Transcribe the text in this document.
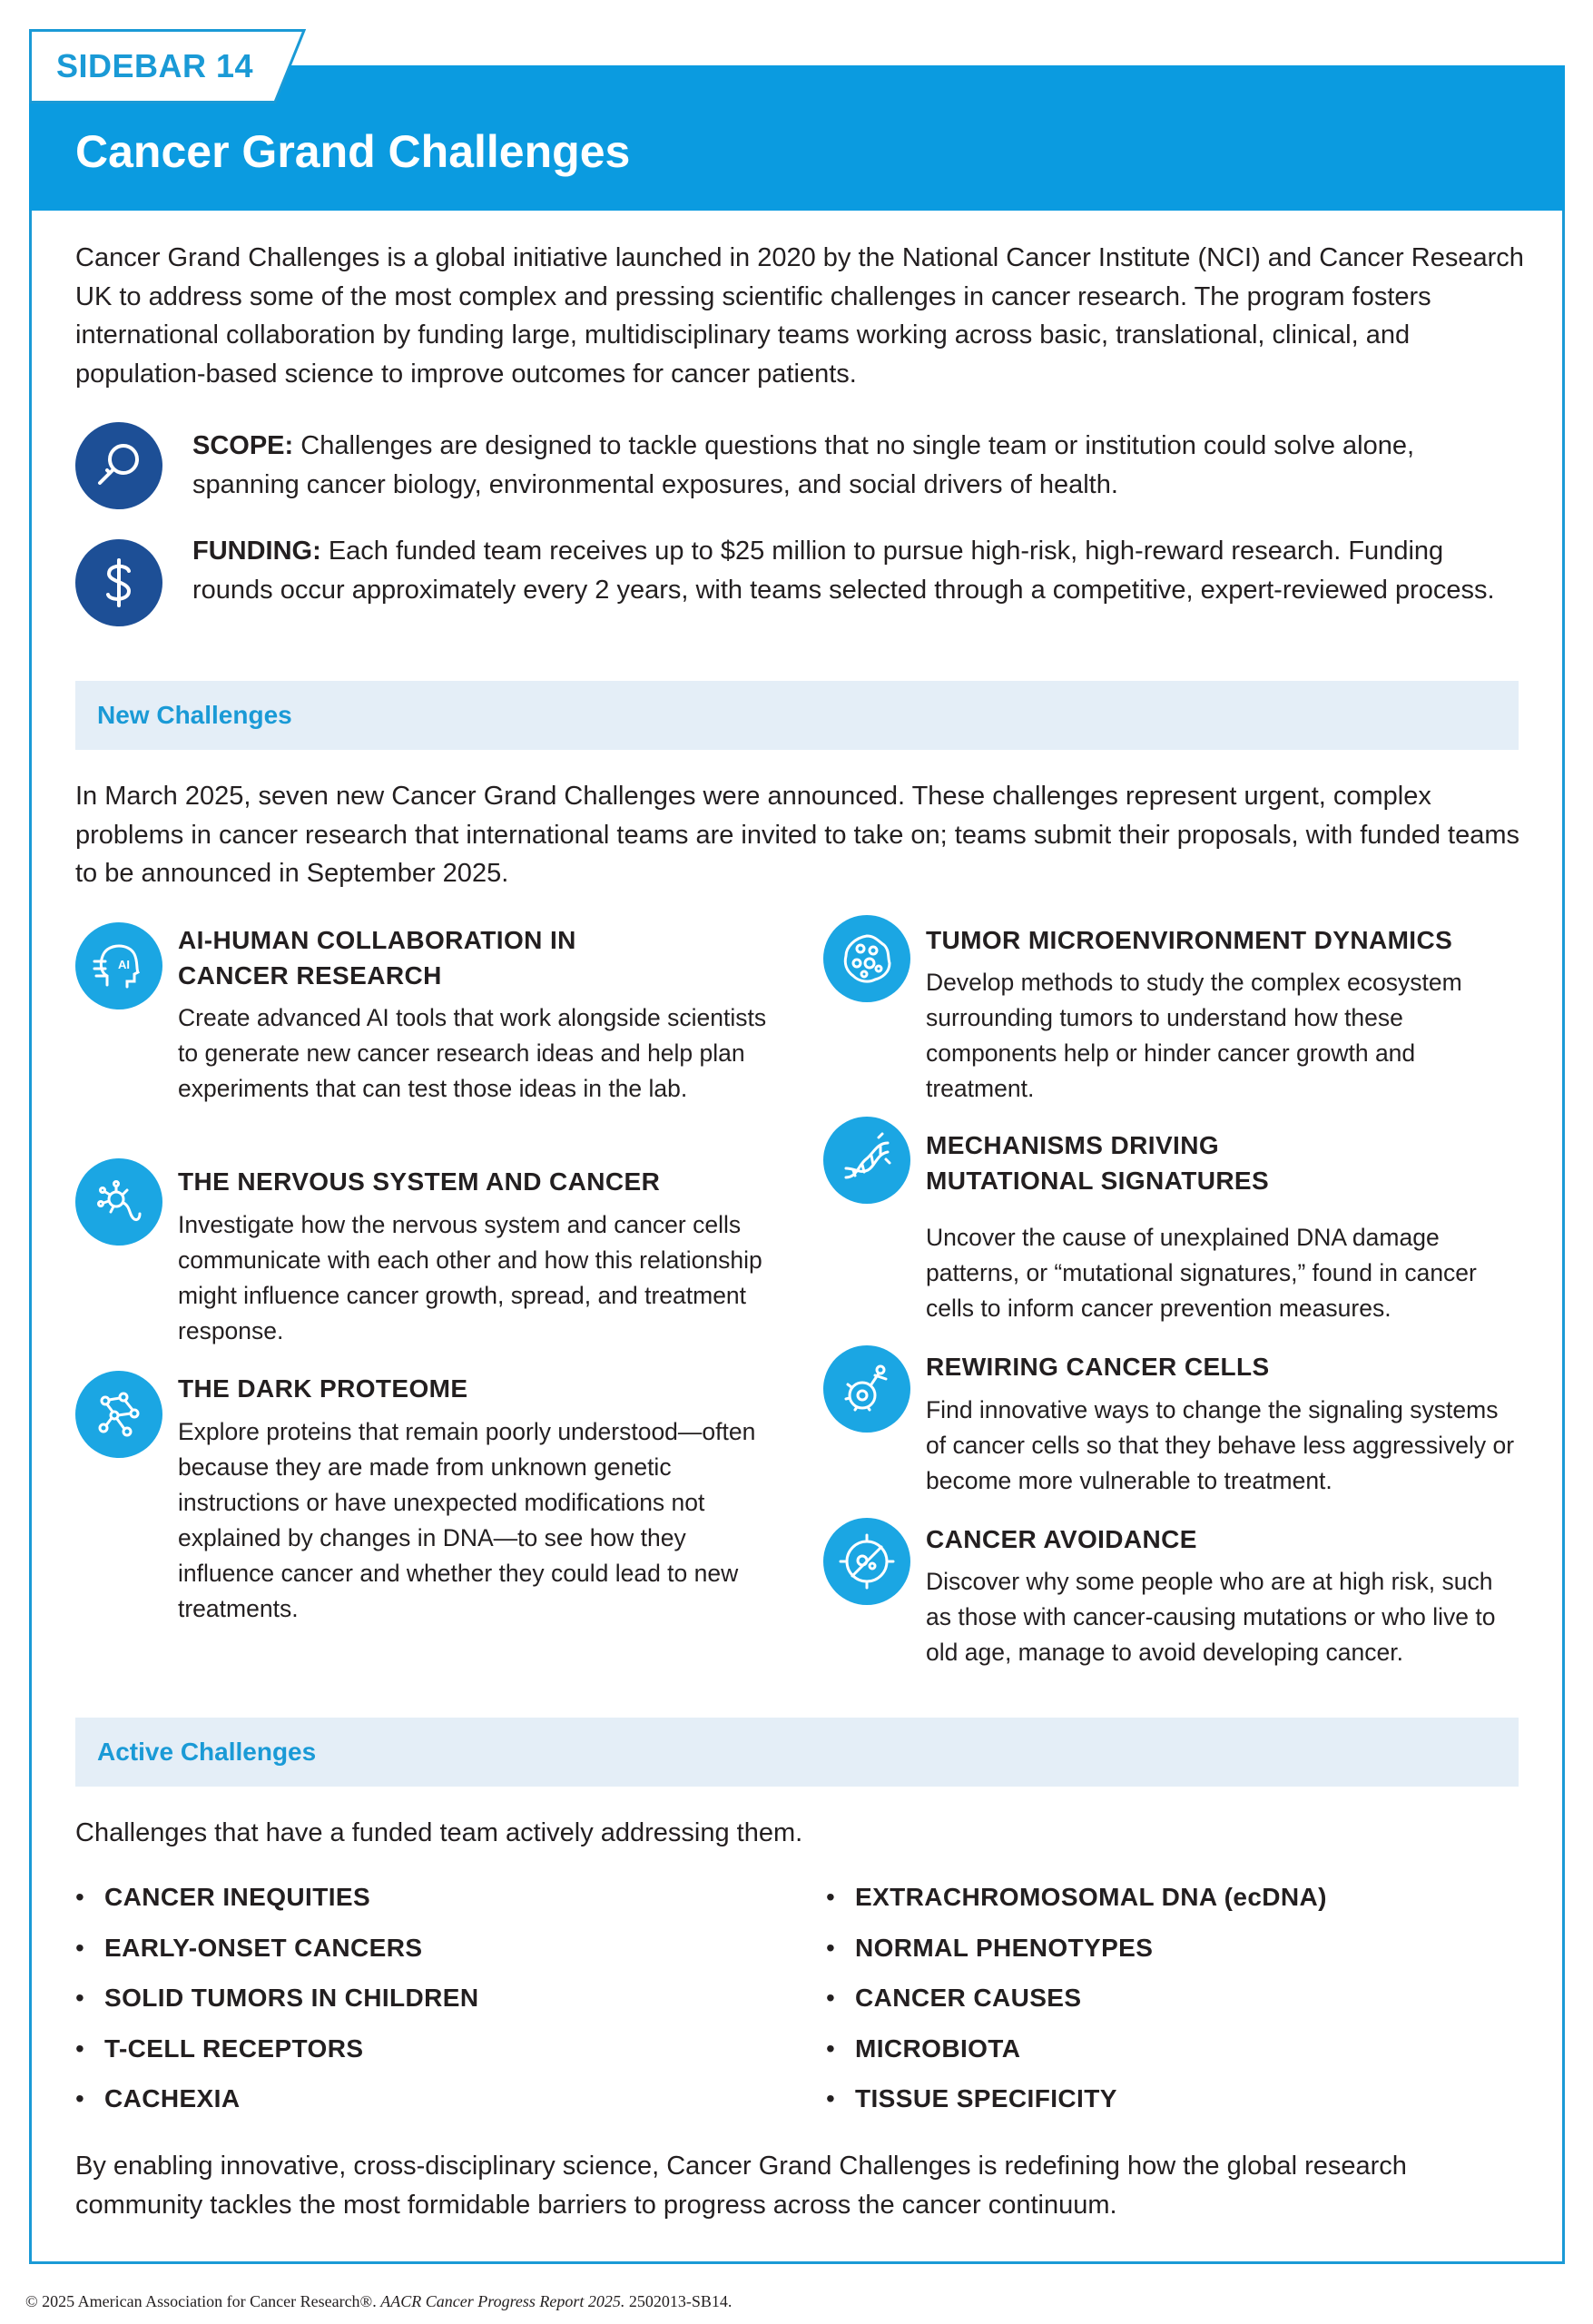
SIDEBAR 14
Cancer Grand Challenges
Cancer Grand Challenges is a global initiative launched in 2020 by the National Cancer Institute (NCI) and Cancer Research UK to address some of the most complex and pressing scientific challenges in cancer research. The program fosters international collaboration by funding large, multidisciplinary teams working across basic, translational, clinical, and population-based science to improve outcomes for cancer patients.
SCOPE: Challenges are designed to tackle questions that no single team or institution could solve alone, spanning cancer biology, environmental exposures, and social drivers of health.
FUNDING: Each funded team receives up to $25 million to pursue high-risk, high-reward research. Funding rounds occur approximately every 2 years, with teams selected through a competitive, expert-reviewed process.
New Challenges
In March 2025, seven new Cancer Grand Challenges were announced. These challenges represent urgent, complex problems in cancer research that international teams are invited to take on; teams submit their proposals, with funded teams to be announced in September 2025.
AI
AI-HUMAN COLLABORATION IN
CANCER RESEARCH
Create advanced AI tools that work alongside scientists to generate new cancer research ideas and help plan experiments that can test those ideas in the lab.
THE NERVOUS SYSTEM AND CANCER
Investigate how the nervous system and cancer cells communicate with each other and how this relationship might influence cancer growth, spread, and treatment response.
THE DARK PROTEOME
Explore proteins that remain poorly understood—often because they are made from unknown genetic instructions or have unexpected modifications not explained by changes in DNA—to see how they influence cancer and whether they could lead to new treatments.
TUMOR MICROENVIRONMENT DYNAMICS
Develop methods to study the complex ecosystem surrounding tumors to understand how these components help or hinder cancer growth and treatment.
MECHANISMS DRIVING
MUTATIONAL SIGNATURES
Uncover the cause of unexplained DNA damage patterns, or “mutational signatures,” found in cancer cells to inform cancer prevention measures.
REWIRING CANCER CELLS
Find innovative ways to change the signaling systems of cancer cells so that they behave less aggressively or become more vulnerable to treatment.
CANCER AVOIDANCE
Discover why some people who are at high risk, such as those with cancer-causing mutations or who live to old age, manage to avoid developing cancer.
Active Challenges
Challenges that have a funded team actively addressing them.
• CANCER INEQUITIES
• EARLY-ONSET CANCERS
• SOLID TUMORS IN CHILDREN
• T-CELL RECEPTORS
• CACHEXIA
• EXTRACHROMOSOMAL DNA (ecDNA)
• NORMAL PHENOTYPES
• CANCER CAUSES
• MICROBIOTA
• TISSUE SPECIFICITY
By enabling innovative, cross-disciplinary science, Cancer Grand Challenges is redefining how the global research community tackles the most formidable barriers to progress across the cancer continuum.
© 2025 American Association for Cancer Research®. AACR Cancer Progress Report 2025. 2502013-SB14.
